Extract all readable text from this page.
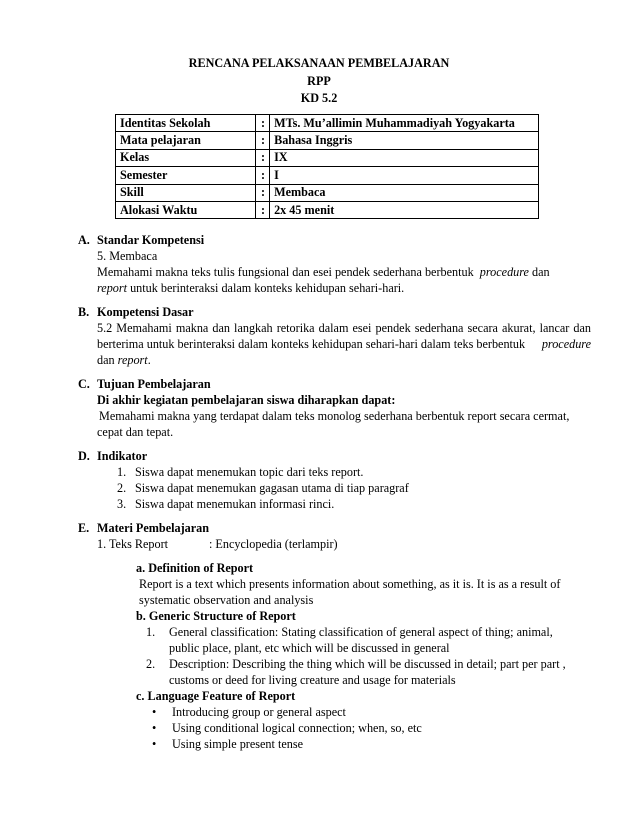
RENCANA PELAKSANAAN PEMBELAJARAN
RPP
KD 5.2
Identitas Sekolah	:	MTs. Mu’allimin Muhammadiyah Yogyakarta
Mata pelajaran	:	Bahasa Inggris
Kelas	:	IX
Semester	:	I
Skill	:	Membaca
Alokasi Waktu	:	2x 45 menit
A. Standar Kompetensi
5. Membaca
Memahami makna teks tulis fungsional dan esei pendek sederhana berbentuk procedure dan
report untuk berinteraksi dalam konteks kehidupan sehari-hari.
B. Kompetensi Dasar
5.2 Memahami makna dan langkah retorika dalam esei pendek sederhana secara akurat, lancar dan
berterima untuk berinteraksi dalam konteks kehidupan sehari-hari dalam teks berbentuk procedure
dan report.
C. Tujuan Pembelajaran
Di akhir kegiatan pembelajaran siswa diharapkan dapat:
Memahami makna yang terdapat dalam teks monolog sederhana berbentuk report secara cermat,
cepat dan tepat.
D. Indikator
1. Siswa dapat menemukan topic dari teks report.
2. Siswa dapat menemukan gagasan utama di tiap paragraf
3. Siswa dapat menemukan informasi rinci.
E. Materi Pembelajaran
1. Teks Report	: Encyclopedia (terlampir)
a. Definition of Report
Report is a text which presents information about something, as it is. It is as a result of
systematic observation and analysis
b. Generic Structure of Report
1. General classification: Stating classification of general aspect of thing; animal,
public place, plant, etc which will be discussed in general
2. Description: Describing the thing which will be discussed in detail; part per part ,
customs or deed for living creature and usage for materials
c. Language Feature of Report
• Introducing group or general aspect
• Using conditional logical connection; when, so, etc
• Using simple present tense
